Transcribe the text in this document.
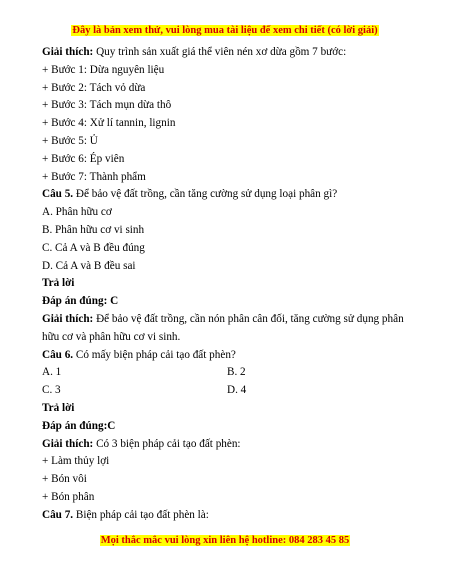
Đây là bản xem thử, vui lòng mua tài liệu để xem chi tiết (có lời giải)
Giải thích: Quy trình sản xuất giá thể viên nén xơ dừa gồm 7 bước:
+ Bước 1: Dừa nguyên liệu
+ Bước 2: Tách vỏ dừa
+ Bước 3: Tách mụn dừa thô
+ Bước 4: Xử lí tannin, lignin
+ Bước 5: Ủ
+ Bước 6: Ép viên
+ Bước 7: Thành phẩm
Câu 5. Để bảo vệ đất trồng, cần tăng cường sử dụng loại phân gì?
A. Phân hữu cơ
B. Phân hữu cơ vi sinh
C. Cả A và B đều đúng
D. Cả A và B đều sai
Trả lời
Đáp án đúng: C
Giải thích: Để bảo vệ đất trồng, cần nón phân cân đối, tăng cường sử dụng phân hữu cơ và phân hữu cơ vi sinh.
Câu 6. Có mấy biện pháp cải tạo đất phèn?
A. 1	B. 2
C. 3	D. 4
Trả lời
Đáp án đúng:C
Giải thích: Có 3 biện pháp cải tạo đất phèn:
+ Làm thủy lợi
+ Bón vôi
+ Bón phân
Câu 7. Biện pháp cải tạo đất phèn là:
Mọi thắc mắc vui lòng xin liên hệ hotline: 084 283 45 85
